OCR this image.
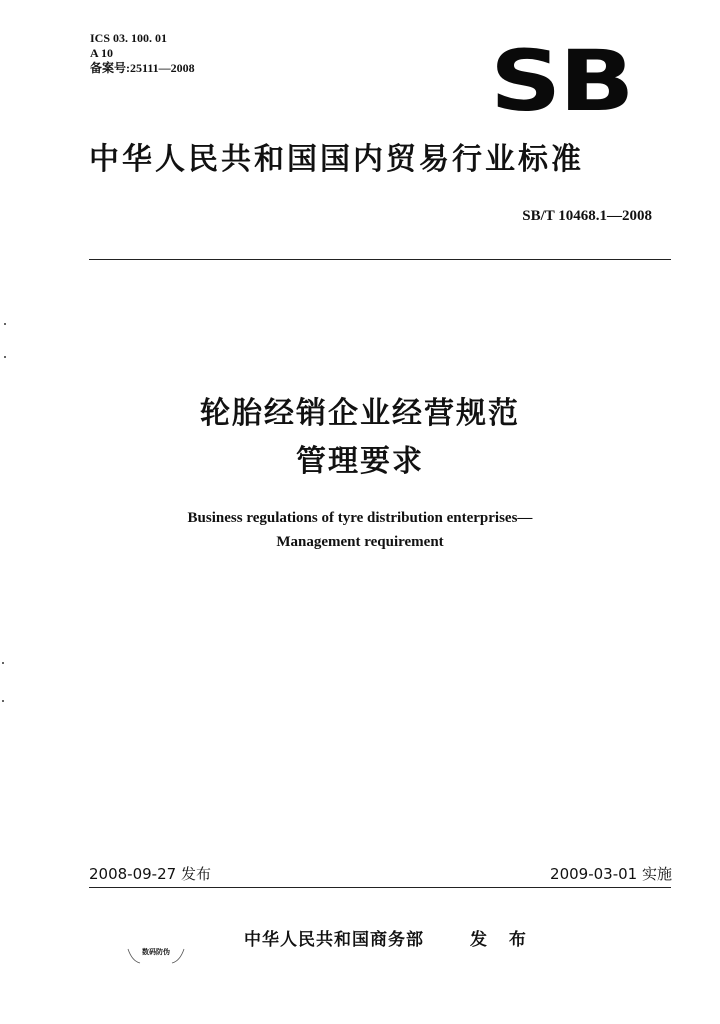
ICS 03. 100. 01
A 10
备案号:25111—2008	SB
中华人民共和国国内贸易行业标准
SB/T 10468.1—2008
轮胎经销企业经营规范
管理要求
Business regulations of tyre distribution enterprises—
Management requirement
2008-09-27 发布	2009-03-01 实施
中华人民共和国商务部	发 布
数码防伪
